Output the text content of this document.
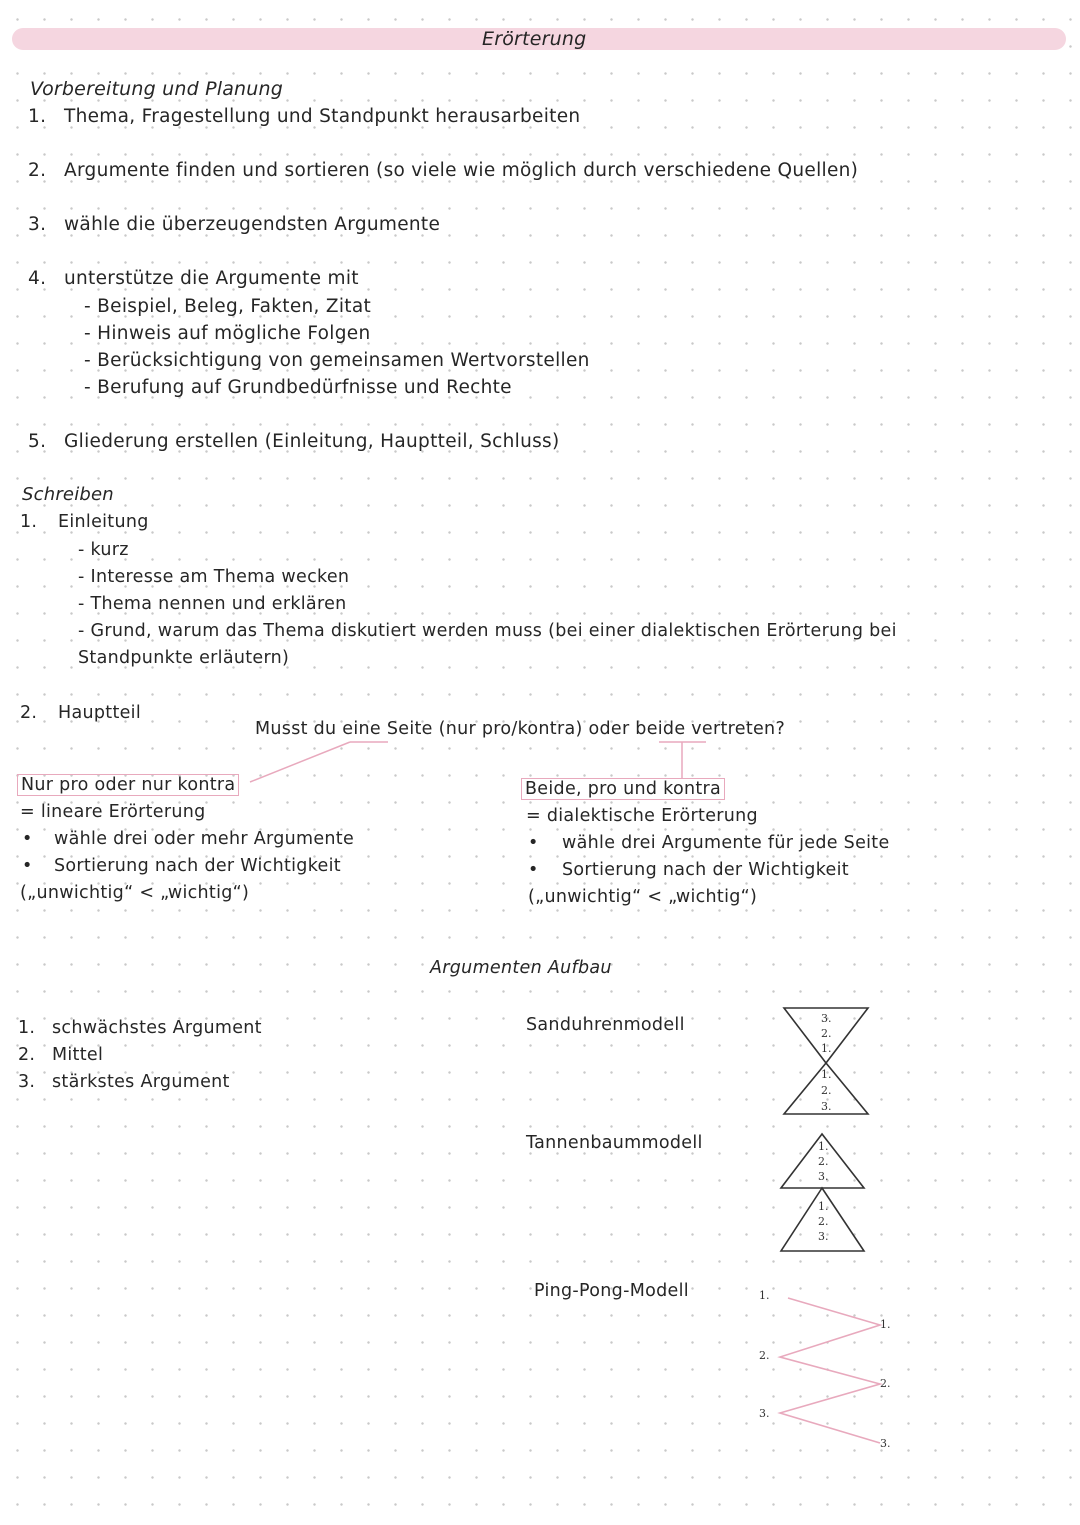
Erörterung
Vorbereitung und Planung
1. Thema, Fragestellung und Standpunkt herausarbeiten
2. Argumente finden und sortieren (so viele wie möglich durch verschiedene Quellen)
3. wähle die überzeugendsten Argumente
4. unterstütze die Argumente mit
- Beispiel, Beleg, Fakten, Zitat
- Hinweis auf mögliche Folgen
- Berücksichtigung von gemeinsamen Wertvorstellen
- Berufung auf Grundbedürfnisse und Rechte
5. Gliederung erstellen (Einleitung, Hauptteil, Schluss)
Schreiben
1. Einleitung
- kurz
- Interesse am Thema wecken
- Thema nennen und erklären
- Grund, warum das Thema diskutiert werden muss (bei einer dialektischen Erörterung bei
Standpunkte erläutern)
2. Hauptteil
Musst du eine Seite (nur pro/kontra) oder beide vertreten?
Nur pro oder nur kontra
= lineare Erörterung
• wähle drei oder mehr Argumente
• Sortierung nach der Wichtigkeit
(„unwichtig“ < „wichtig“)
Beide, pro und kontra
= dialektische Erörterung
• wähle drei Argumente für jede Seite
• Sortierung nach der Wichtigkeit
(„unwichtig“ < „wichtig“)
Argumenten Aufbau
1. schwächstes Argument
2. Mittel
3. stärkstes Argument
Sanduhrenmodell
Tannenbaummodell
Ping-Pong-Modell
3.
2.
1.
1.
2.
3.
1.
2.
3.
1.
2.
3.
1.
2.
3.
1.
2.
3.
